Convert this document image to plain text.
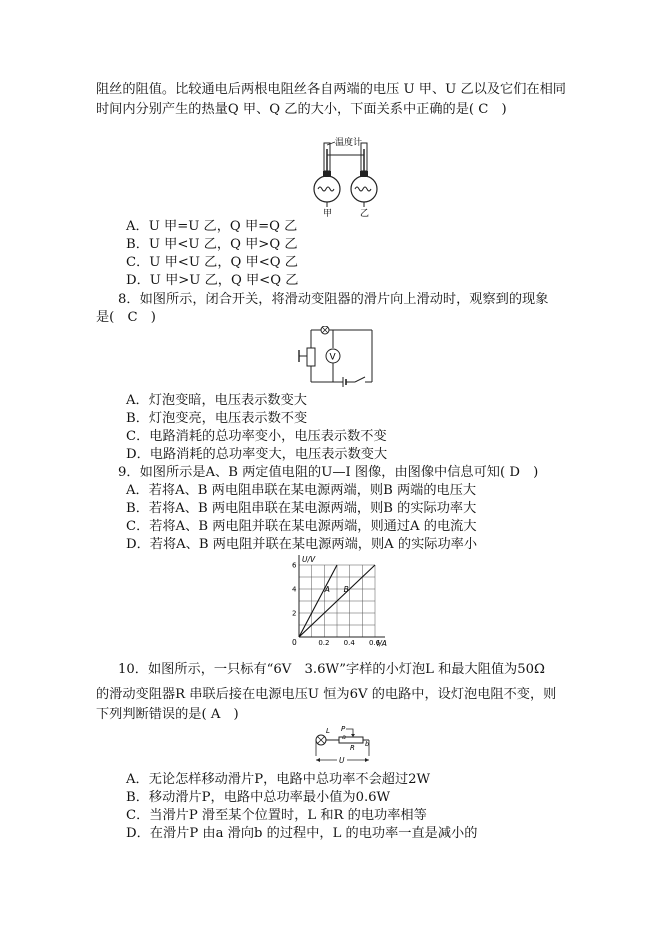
阻丝的阻值。比较通电后两根电阻丝各自两端的电压 U 甲、U 乙以及它们在相同
时间内分别产生的热量Q 甲、Q 乙的大小，下面关系中正确的是( C　)
温度计
甲	乙
A．U 甲=U 乙，Q 甲=Q 乙
B．U 甲<U 乙，Q 甲>Q 乙
C．U 甲<U 乙，Q 甲<Q 乙
D．U 甲>U 乙，Q 甲<Q 乙
8．如图所示，闭合开关，将滑动变阻器的滑片向上滑动时，观察到的现象
是(　C　)
V
A．灯泡变暗，电压表示数变大
B．灯泡变亮，电压表示数不变
C．电路消耗的总功率变小，电压表示数不变
D．电路消耗的总功率变大，电压表示数变大
9．如图所示是A、B 两定值电阻的U—I 图像，由图像中信息可知( D　)
A．若将A、B 两电阻串联在某电源两端，则B 两端的电压大
B．若将A、B 两电阻串联在某电源两端，则B 的实际功率大
C．若将A、B 两电阻并联在某电源两端，则通过A 的电流大
D．若将A、B 两电阻并联在某电源两端，则A 的实际功率小
A B
0.2 0.4 0.6
2
4
6
U/V
I/A
0
10．如图所示，一只标有“6V　3.6W”字样的小灯泡L 和最大阻值为50Ω
的滑动变阻器R 串联后接在电源电压U 恒为6V 的电路中，设灯泡电阻不变，则
下列判断错误的是( A　)
L P
a
R b
U
A．无论怎样移动滑片P，电路中总功率不会超过2W
B．移动滑片P，电路中总功率最小值为0.6W
C．当滑片P 滑至某个位置时，L 和R 的电功率相等
D．在滑片P 由a 滑向b 的过程中，L 的电功率一直是减小的
